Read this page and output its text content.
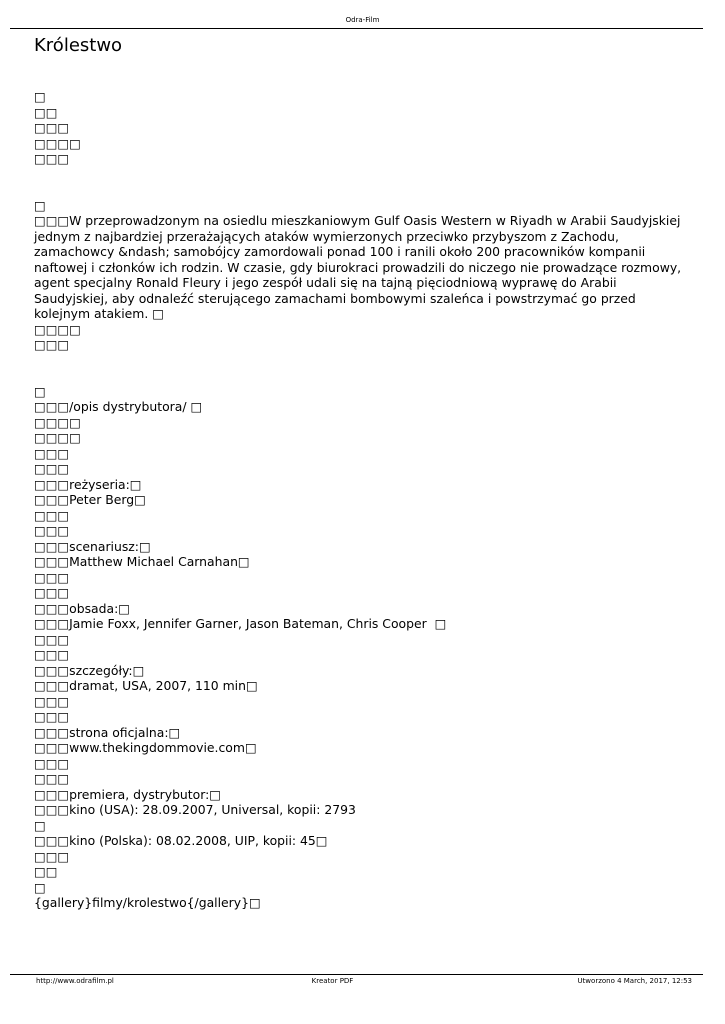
Odra-Film
Królestwo
□
□□
□□□
□□□□
□□□
□

□□□W przeprowadzonym na osiedlu mieszkaniowym Gulf Oasis Western w Riyadh w Arabii Saudyjskiej jednym z najbardziej przerażających ataków wymierzonych przeciwko przybyszom z Zachodu, zamachowcy &ndash; samobójcy zamordowali ponad 100 i ranili około 200 pracowników kompanii naftowej i członków ich rodzin. W czasie, gdy biurokraci prowadzili do niczego nie prowadzące rozmowy, agent specjalny Ronald Fleury i jego zespół udali się na tajną pięciodniową wyprawę do Arabii Saudyjskiej, aby odnaleźć sterującego zamachami bombowymi szaleńca i powstrzymać go przed kolejnym atakiem. □

□□□□
□□□
□
□□□/opis dystrybutora/ □
□□□□
□□□□
□□□
□□□
□□□reżyseria:□
□□□Peter Berg□
□□□
□□□
□□□scenariusz:□
□□□Matthew Michael Carnahan□
□□□
□□□
□□□obsada:□
□□□Jamie Foxx, Jennifer Garner, Jason Bateman, Chris Cooper  □
□□□
□□□
□□□szczegóły:□
□□□dramat, USA, 2007, 110 min□
□□□
□□□
□□□strona oficjalna:□
□□□www.thekingdommovie.com□
□□□
□□□
□□□premiera, dystrybutor:□
□□□kino (USA): 28.09.2007, Universal, kopii: 2793
□
□□□kino (Polska): 08.02.2008, UIP, kopii: 45□
□□□
□□
□
{gallery}filmy/krolestwo{/gallery}□
http://www.odrafilm.pl	Kreator PDF	Utworzono 4 March, 2017, 12:53
